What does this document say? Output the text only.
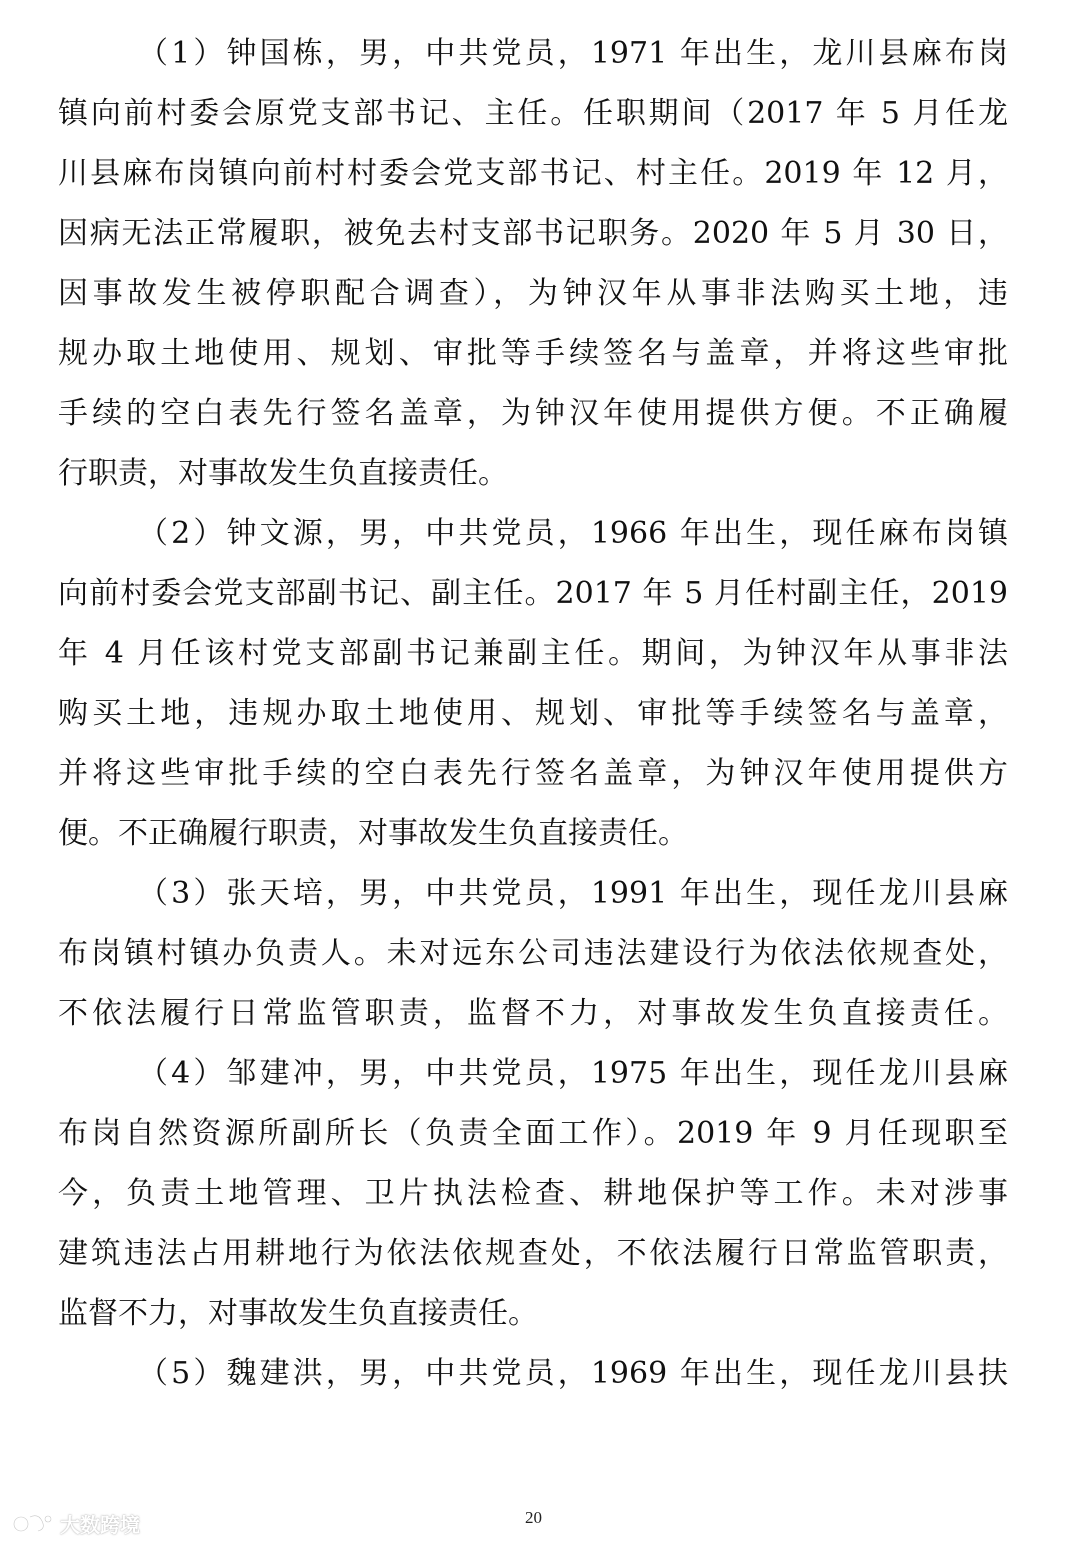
（1）钟国栋，男，中共党员，1971 年出生，龙川县麻布岗
镇向前村委会原党支部书记、主任。任职期间（2017 年 5 月任龙
川县麻布岗镇向前村村委会党支部书记、村主任。2019 年 12 月，
因病无法正常履职，被免去村支部书记职务。2020 年 5 月 30 日，
因事故发生被停职配合调查），为钟汉年从事非法购买土地，违
规办取土地使用、规划、审批等手续签名与盖章，并将这些审批
手续的空白表先行签名盖章，为钟汉年使用提供方便。不正确履
行职责，对事故发生负直接责任。
（2）钟文源，男，中共党员，1966 年出生，现任麻布岗镇
向前村委会党支部副书记、副主任。2017 年 5 月任村副主任，2019
年 4 月任该村党支部副书记兼副主任。期间，为钟汉年从事非法
购买土地，违规办取土地使用、规划、审批等手续签名与盖章，
并将这些审批手续的空白表先行签名盖章，为钟汉年使用提供方
便。不正确履行职责，对事故发生负直接责任。
（3）张天培，男，中共党员，1991 年出生，现任龙川县麻
布岗镇村镇办负责人。未对远东公司违法建设行为依法依规查处，
不依法履行日常监管职责，监督不力，对事故发生负直接责任。
（4）邹建冲，男，中共党员，1975 年出生，现任龙川县麻
布岗自然资源所副所长（负责全面工作）。2019 年 9 月任现职至
今，负责土地管理、卫片执法检查、耕地保护等工作。未对涉事
建筑违法占用耕地行为依法依规查处，不依法履行日常监管职责，
监督不力，对事故发生负直接责任。
（5）魏建洪，男，中共党员，1969 年出生，现任龙川县扶
大数跨境	20
